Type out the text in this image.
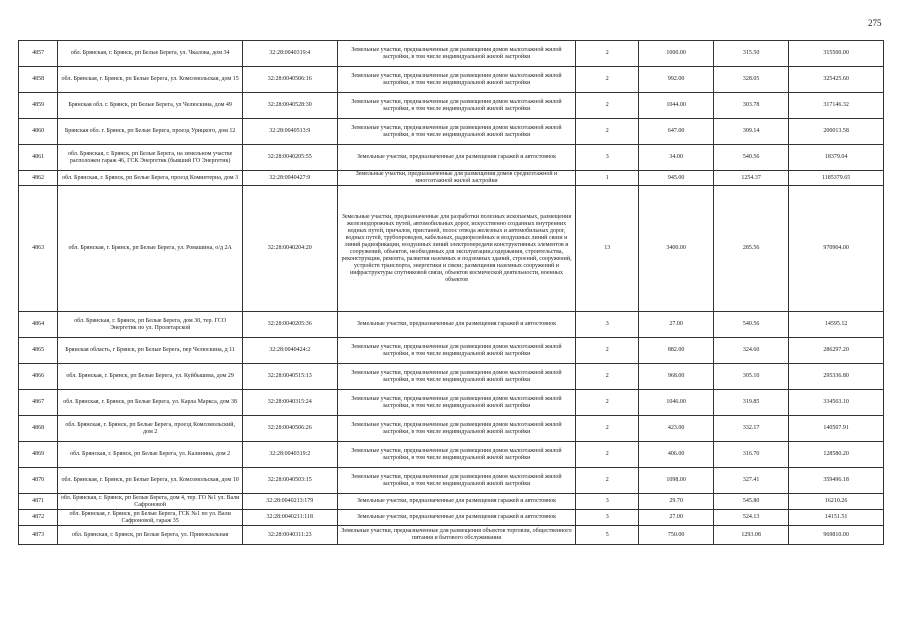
275
4857	обл. Брянская, г. Брянск, рп Белые Берега, ул. Чкалова, дом 34	32:28:0040319:4	Земельные участки, предназначенные для размещения домов малоэтажной жилой застройки, в том числе индивидуальной жилой застройки	2	1000.00	315.50	315500.00
4858	обл. Брянская, г. Брянск, рп Белые Берега, ул. Комсомольская, дом 15	32:28:0040506:16	Земельные участки, предназначенные для размещения домов малоэтажной жилой застройки, в том числе индивидуальной жилой застройки	2	992.00	328.05	325425.60
4859	Брянская обл. г. Брянск, рп Белые Берега, ул Челюскина, дом 49	32:28:0040528:30	Земельные участки, предназначенные для размещения домов малоэтажной жилой застройки, в том числе индивидуальной жилой застройки	2	1044.00	303.78	317146.32
4860	Брянская обл. г. Брянск, рп Белые Берега, проезд Урицкого, дом 12	32:28:0040513:9	Земельные участки, предназначенные для размещения домов малоэтажной жилой застройки, в том числе индивидуальной жилой застройки	2	647.00	309.14	200013.58
4861	обл. Брянская, г. Брянск, рп Белые Берега, на земельном участке расположен гараж 46, ГСК Энергетик (бывший ГО Энергетик)	32:28:0040205:55	Земельные участки, предназначенные для размещения гаражей и автостоянок	3	34.00	540.56	18379.04
4862	обл. Брянская, г. Брянск, рп Белые Берега, проезд Коминтерна, дом 3	32:28:0040427:9	Земельные участки, предназначенные для размещения домов среднеэтажной и многоэтажной жилой застройки	1	945.00	1254.37	1185379.65
4863	обл. Брянская, г. Брянск, рп Белые Берега, ул. Ромашина, о/д 2А	32:28:0040204:20	Земельные участки, предназначенные для разработки полезных ископаемых, размещения железнодорожных путей, автомобильных дорог, искусственно созданных внутренних водных путей, причалов, пристаней, полос отвода железных и автомобильных дорог, водных путей, трубопроводов, кабельных, радиорелейных и воздушных линий связи и линий радиофикации, воздушных линий электропередачи конструктивных элементов и сооружений, объектов, необходимых для эксплуатации,содержания, строительства, реконструкции, ремонта, развития наземных и подземных зданий, строений, сооружений, устройств транспорта, энергетики и связи; размещения наземных сооружений и инфраструктуры спутниковой связи, объектов космической деятельности, военных объектов	13	3400.00	285.56	970904.00
4864	обл. Брянская, г. Брянск, рп Белые Берега, дом 30, тер. ГСО Энергетик по ул. Пролетарской	32:28:0040205:36	Земельные участки, предназначенные для размещения гаражей и автостоянок	3	27.00	540.56	14595.12
4865	Брянская область, г Брянск, рп Белые Берега, пер Челюскина, д 11	32:28:0040424:2	Земельные участки, предназначенные для размещения домов малоэтажной жилой застройки, в том числе индивидуальной жилой застройки	2	882.00	324.60	286297.20
4866	обл. Брянская, г. Брянск, рп Белые Берега, ул. Куйбышева, дом 29	32:28:0040515:13	Земельные участки, предназначенные для размещения домов малоэтажной жилой застройки, в том числе индивидуальной жилой застройки	2	968.00	305.10	295336.80
4867	обл. Брянская, г. Брянск, рп Белые Берега, ул. Карла Маркса, дом 38	32:28:0040315:24	Земельные участки, предназначенные для размещения домов малоэтажной жилой застройки, в том числе индивидуальной жилой застройки	2	1046.00	319.85	334563.10
4868	обл. Брянская, г. Брянск, рп Белые Берега, проезд Комсомольский, дом 2	32:28:0040506:26	Земельные участки, предназначенные для размещения домов малоэтажной жилой застройки, в том числе индивидуальной жилой застройки	2	423.00	332.17	140507.91
4869	обл. Брянская, г. Брянск, рп Белые Берега, ул. Калинина, дом 2	32:28:0040319:2	Земельные участки, предназначенные для размещения домов малоэтажной жилой застройки, в том числе индивидуальной жилой застройки	2	406.00	316.70	128580.20
4870	обл. Брянская, г. Брянск, рп Белые Берега, ул. Комсомольская, дом 10	32:28:0040503:15	Земельные участки, предназначенные для размещения домов малоэтажной жилой застройки, в том числе индивидуальной жилой застройки	2	1098.00	327.41	359496.18
4871	обл. Брянская, г. Брянск, рп Белые Берега, дом 4, тер. ГО №1 ул. Вали Сафроновой	32:28:0040213:179	Земельные участки, предназначенные для размещения гаражей и автостоянок	3	29.70	545.80	16210.26
4872	обл. Брянская, г. Брянск, рп Белые Берега, ГСК №1 по ул. Вали Сафроновой, гараж 35	32:28:0040211:118	Земельные участки, предназначенные для размещения гаражей и автостоянок	3	27.00	524.13	14151.51
4873	обл. Брянская, г. Брянск, рп Белые Берега, ул. Привокзальная	32:28:0040311:23	Земельные участки, предназначенные для размещения объектов торговли, общественного питания и бытового обслуживания	5	750.00	1293.08	969810.00
